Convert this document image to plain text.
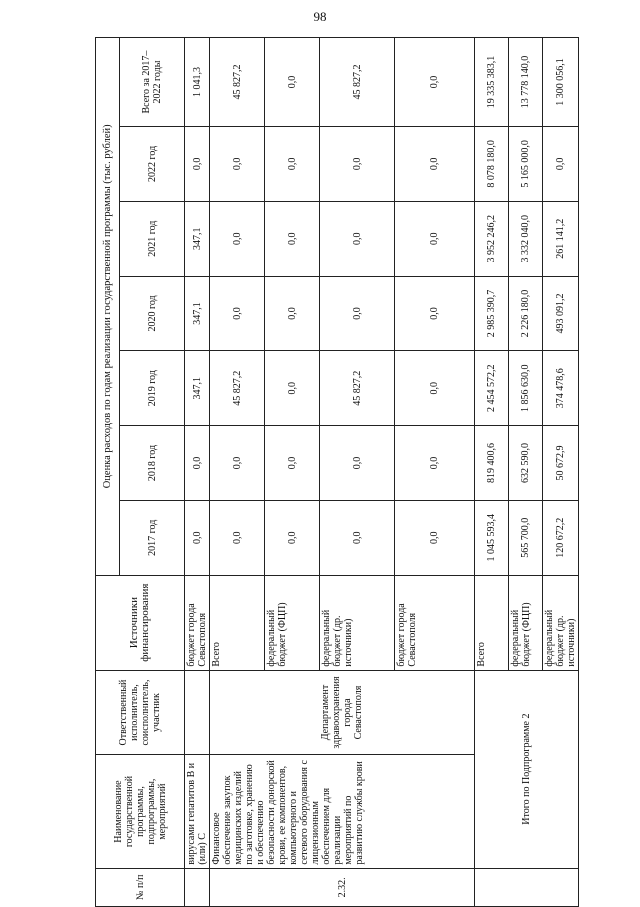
98
№ п/п	Наименование государственной программы, подпрограммы, мероприятий	Ответственный исполнитель, соисполнитель, участник	Источники финансирования	Оценка расходов по годам реализации государственной программы (тыс. рублей)						
				2017 год	2018 год	2019 год	2020 год	2021 год	2022 год	Всего за 2017–2022 годы
	вирусами гепатитов В и (или) С		бюджет города Севастополя	0,0	0,0	347,1	347,1	347,1	0,0	1 041,3
2.32.	Финансовое обеспечение закупок медицинских изделий по заготовке, хранению и обеспечению безопасности донорской крови, ее компонентов, компьютерного и сетевого оборудования с лицензионным обеспечением для реализации мероприятий по развитию службы крови	Департамент здравоохранения города Севастополя	Всего	0,0	0,0	45 827,2	0,0	0,0	0,0	45 827,2
			федеральный бюджет (ФЦП)	0,0	0,0	0,0	0,0	0,0	0,0	0,0
			федеральный бюджет (др. источники)	0,0	0,0	45 827,2	0,0	0,0	0,0	45 827,2
			бюджет города Севастополя	0,0	0,0	0,0	0,0	0,0	0,0	0,0
	Итого по Подпрограмме 2		Всего	1 045 593,4	819 400,6	2 454 572,2	2 985 390,7	3 952 246,2	8 078 180,0	19 335 383,1
			федеральный бюджет (ФЦП)	565 700,0	632 590,0	1 856 630,0	2 226 180,0	3 332 040,0	5 165 000,0	13 778 140,0
			федеральный бюджет (др. источники)	120 672,2	50 672,9	374 478,6	493 091,2	261 141,2	0,0	1 300 056,1
